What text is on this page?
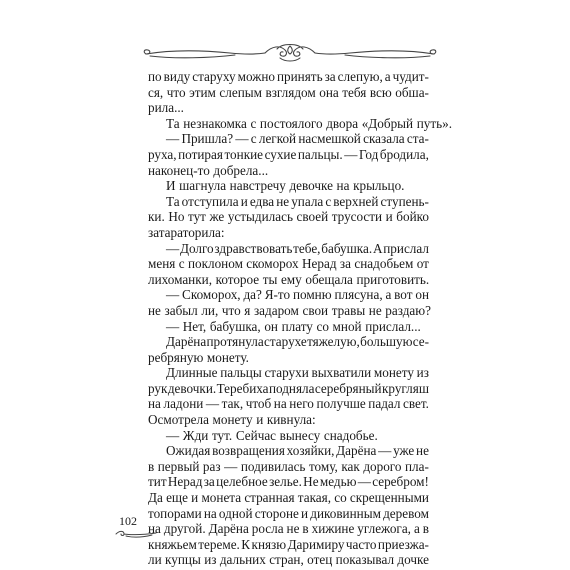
по виду старуху можно принять за слепую, а чудит-
ся, что этим слепым взглядом она тебя всю обша-
рила...
Та незнакомка с постоялого двора «Добрый путь».
— Пришла? — с легкой насмешкой сказала ста-
руха, потирая тонкие сухие пальцы. — Год бродила,
наконец-то добрела...
И шагнула навстречу девочке на крыльцо.
Та отступила и едва не упала с верхней ступень-
ки. Но тут же устыдилась своей трусости и бойко
затараторила:
— Долго здравствовать тебе, бабушка. А прислал
меня с поклоном скоморох Нерад за снадобьем от
лихоманки, которое ты ему обещала приготовить.
— Скоморох, да? Я-то помню плясуна, а вот он
не забыл ли, что я задаром свои травы не раздаю?
— Нет, бабушка, он плату со мной прислал...
Дарёна протянула старухе тяжелую, большую се-
ребряную монету.
Длинные пальцы старухи выхватили монету из
рук девочки. Теребиха подняла серебряный кругляш
на ладони — так, чтоб на него получше падал свет.
Осмотрела монету и кивнула:
— Жди тут. Сейчас вынесу снадобье.
Ожидая возвращения хозяйки, Дарёна — уже не
в первый раз — подивилась тому, как дорого пла-
тит Нерад за целебное зелье. Не медью — серебром!
Да еще и монета странная такая, со скрещенными
топорами на одной стороне и диковинным деревом
на другой. Дарёна росла не в хижине углежога, а в
княжьем тереме. К князю Даримиру часто приезжа-
ли купцы из дальних стран, отец показывал дочке
102
